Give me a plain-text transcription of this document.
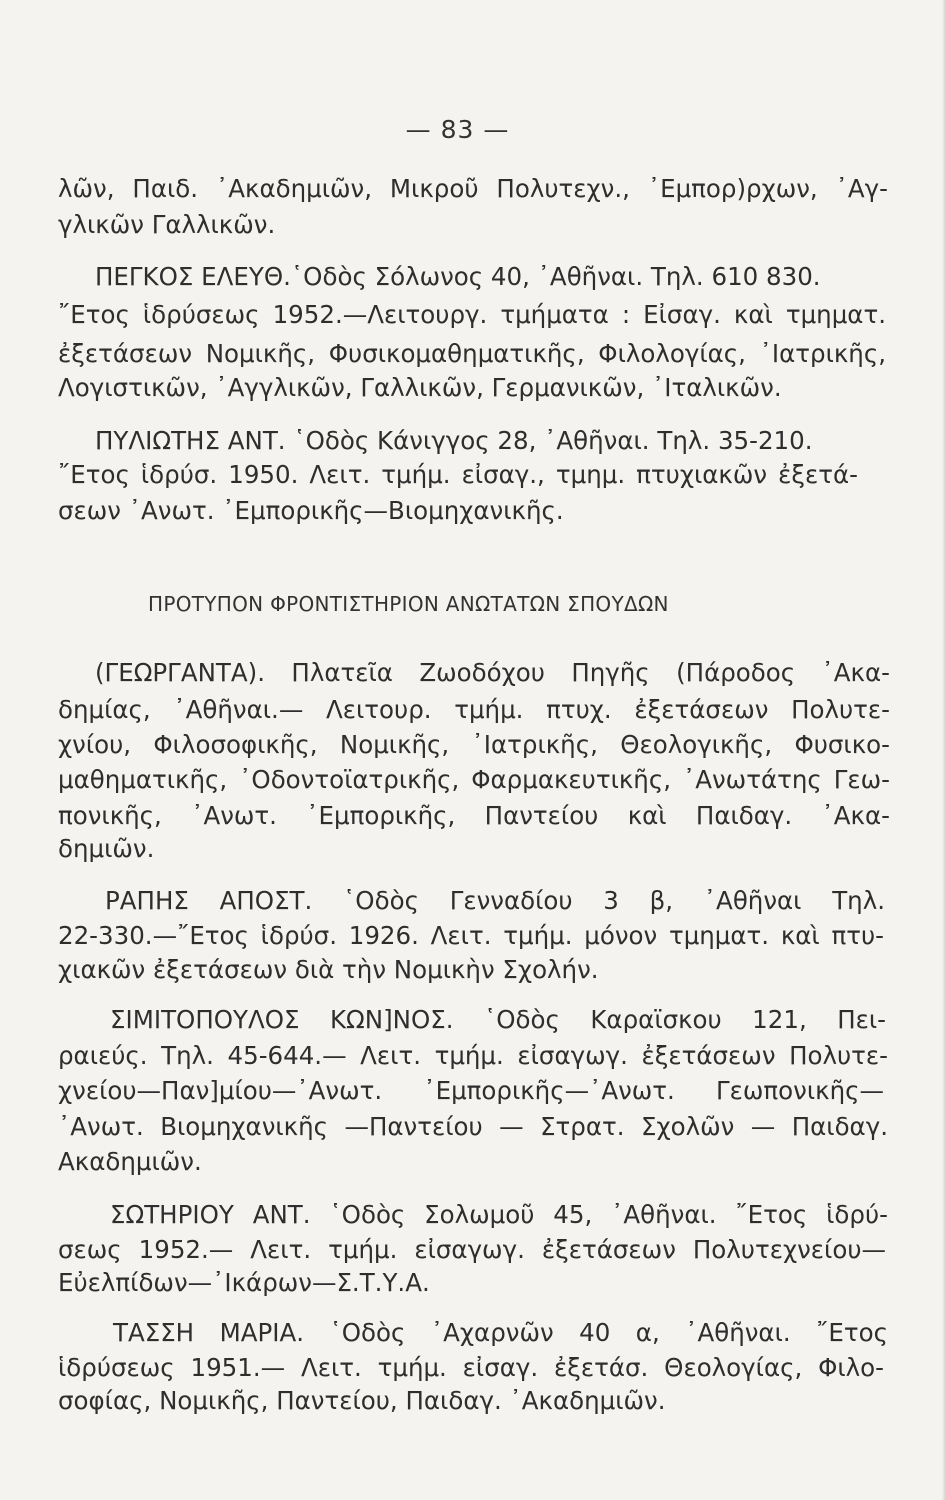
— 83 —
λῶν, Παιδ. ᾿Ακαδημιῶν, Μικροῦ Πολυτεχν., ᾿Εμπορ)ρχων, ᾿Αγ-
γλικῶν Γαλλικῶν.
ΠΕΓΚΟΣ ΕΛΕΥΘ.῾Οδὸς Σόλωνος 40, ᾿Αθῆναι. Τηλ. 610 830.
῎Ετος ἱδρύσεως 1952.—Λειτουργ. τμήματα : Εἰσαγ. καὶ τμηματ.
ἐξετάσεων Νομικῆς, Φυσικομαθηματικῆς, Φιλολογίας, ᾿Ιατρικῆς,
Λογιστικῶν, ᾿Αγγλικῶν, Γαλλικῶν, Γερμανικῶν, ᾿Ιταλικῶν.
ΠΥΛΙΩΤΗΣ ΑΝΤ. ῾Οδὸς Κάνιγγος 28, ᾿Αθῆναι. Τηλ. 35-210.
῎Ετος ἱδρύσ. 1950. Λειτ. τμήμ. εἰσαγ., τμημ. πτυχιακῶν ἐξετά-
σεων ᾿Ανωτ. ᾿Εμπορικῆς—Βιομηχανικῆς.
ΠΡΟΤΥΠΟΝ ΦΡΟΝΤΙΣΤΗΡΙΟΝ ΑΝΩΤΑΤΩΝ ΣΠΟΥΔΩΝ
(ΓΕΩΡΓΑΝΤΑ). Πλατεῖα Ζωοδόχου Πηγῆς (Πάροδος ᾿Ακα-
δημίας, ᾿Αθῆναι.— Λειτουρ. τμήμ. πτυχ. ἐξετάσεων Πολυτε-
χνίου, Φιλοσοφικῆς, Νομικῆς, ᾿Ιατρικῆς, Θεολογικῆς, Φυσικο-
μαθηματικῆς, ᾿Οδοντοϊατρικῆς, Φαρμακευτικῆς, ᾿Ανωτάτης Γεω-
πονικῆς, ᾿Ανωτ. ᾿Εμπορικῆς, Παντείου καὶ Παιδαγ. ᾿Ακα-
δημιῶν.
ΡΑΠΗΣ ΑΠΟΣΤ. ῾Οδὸς Γενναδίου 3 β, ᾿Αθῆναι Τηλ.
22-330.—῎Ετος ἱδρύσ. 1926. Λειτ. τμήμ. μόνον τμηματ. καὶ πτυ-
χιακῶν ἐξετάσεων διὰ τὴν Νομικὴν Σχολήν.
ΣΙΜΙΤΟΠΟΥΛΟΣ ΚΩΝ]ΝΟΣ. ῾Οδὸς Καραϊσκου 121, Πει-
ραιεύς. Τηλ. 45-644.— Λειτ. τμήμ. εἰσαγωγ. ἐξετάσεων Πολυτε-
χνείου—Παν]μίου—᾿Ανωτ. ᾿Εμπορικῆς—᾿Ανωτ. Γεωπονικῆς—
᾿Ανωτ. Βιομηχανικῆς —Παντείου — Στρατ. Σχολῶν — Παιδαγ.
Ακαδημιῶν.
ΣΩΤΗΡΙΟΥ ΑΝΤ. ῾Οδὸς Σολωμοῦ 45, ᾿Αθῆναι. ῎Ετος ἱδρύ-
σεως 1952.— Λειτ. τμήμ. εἰσαγωγ. ἐξετάσεων Πολυτεχνείου—
Εὐελπίδων—᾿Ικάρων—Σ.Τ.Υ.Α.
ΤΑΣΣΗ ΜΑΡΙΑ. ῾Οδὸς ᾿Αχαρνῶν 40 α, ᾿Αθῆναι. ῎Ετος
ἱδρύσεως 1951.— Λειτ. τμήμ. εἰσαγ. ἐξετάσ. Θεολογίας, Φιλο-
σοφίας, Νομικῆς, Παντείου, Παιδαγ. ᾿Ακαδημιῶν.
